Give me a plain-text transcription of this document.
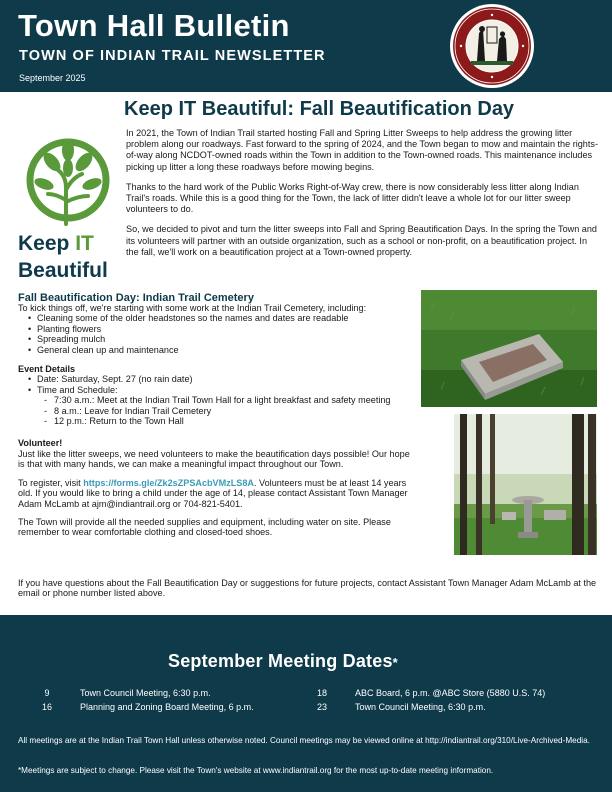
Town Hall Bulletin
TOWN OF INDIAN TRAIL NEWSLETTER
September 2025
Keep IT Beautiful: Fall Beautification Day
Keep IT
Beautiful

In 2021, the Town of Indian Trail started hosting Fall and Spring Litter Sweeps to help address the growing litter problem along our roadways. Fast forward to the spring of 2024, and the Town began to mow and maintain the rights-of-way along NCDOT-owned roads within the Town in addition to the Town-owned roads. This maintenance includes picking up litter a long these roadways before mowing begins.

Thanks to the hard work of the Public Works Right-of-Way crew, there is now considerably less litter along Indian Trail's roads. While this is a good thing for the Town, the lack of litter didn't leave a whole lot for our litter sweep volunteers to do.

So, we decided to pivot and turn the litter sweeps into Fall and Spring Beautification Days. In the spring the Town and its volunteers will partner with an outside organization, such as a school or non-profit, on a beautification project. In the fall, we'll work on a beautification project at a Town-owned property.

Fall Beautification Day: Indian Trail Cemetery

To kick things off, we're starting with some work at the Indian Trail Cemetery, including:

• Cleaning some of the older headstones so the names and dates are readable
• Planting flowers
• Spreading mulch
• General clean up and maintenance

Event Details

• Date: Saturday, Sept. 27 (no rain date)
• Time and Schedule:
- 7:30 a.m.: Meet at the Indian Trail Town Hall for a light breakfast and safety meeting
- 8 a.m.: Leave for Indian Trail Cemetery
- 12 p.m.: Return to the Town Hall

Volunteer!

Just like the litter sweeps, we need volunteers to make the beautification days possible! Our hope is that with many hands, we can make a meaningful impact throughout our Town.

To register, visit https://forms.gle/Zk2sZPSAcbVMzLS8A. Volunteers must be at least 14 years old. If you would like to bring a child under the age of 14, please contact Assistant Town Manager Adam McLamb at ajm@indiantrail.org or 704-821-5401.

The Town will provide all the needed supplies and equipment, including water on site. Please remember to wear comfortable clothing and closed-toed shoes.

If you have questions about the Fall Beautification Day or suggestions for future projects, contact Assistant Town Manager Adam McLamb at the email or phone number listed above.

September Meeting Dates*
9	Town Council Meeting, 6:30 p.m.
16	Planning and Zoning Board Meeting, 6 p.m.
18	ABC Board, 6 p.m. @ABC Store (5880 U.S. 74)
23	Town Council Meeting, 6:30 p.m.
All meetings are at the Indian Trail Town Hall unless otherwise noted. Council meetings may be viewed online at http://indiantrail.org/310/Live-Archived-Media.
*Meetings are subject to change. Please visit the Town's website at www.indiantrail.org for the most up-to-date meeting information.
